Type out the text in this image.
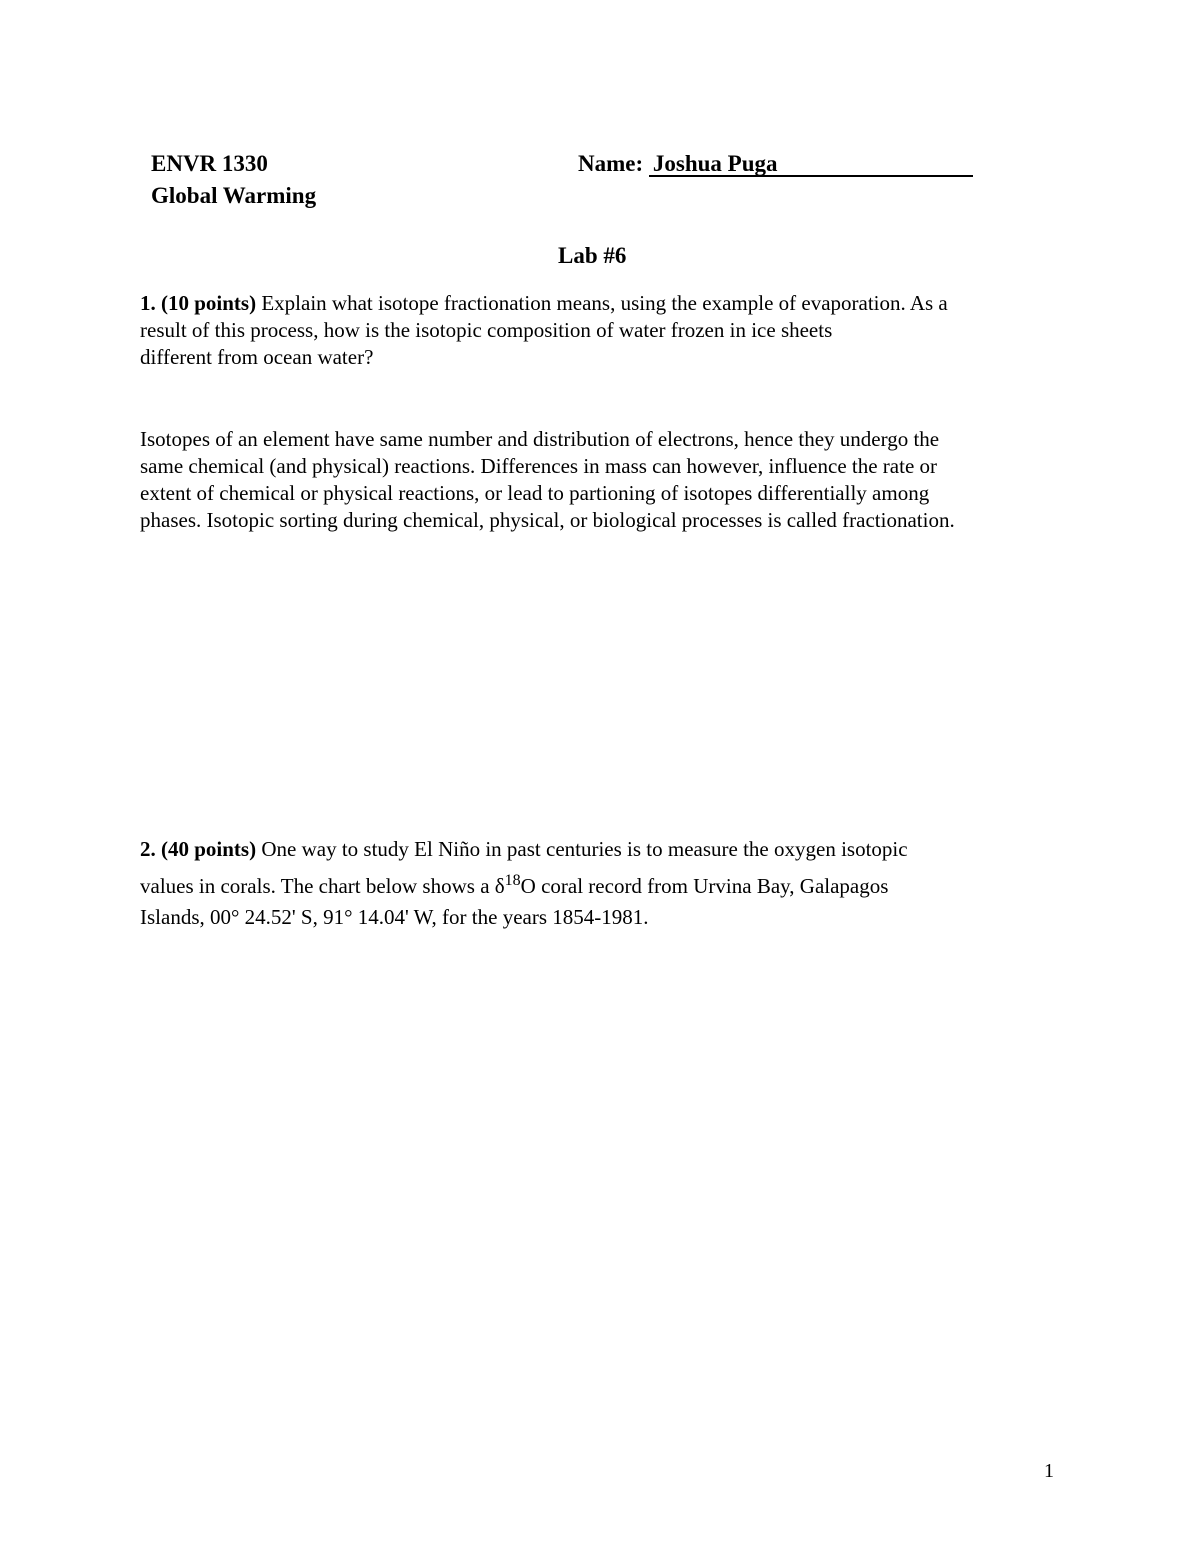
ENVR 1330
Global Warming
Name: Joshua Puga
Lab #6
1. (10 points) Explain what isotope fractionation means, using the example of evaporation. As a
result of this process, how is the isotopic composition of water frozen in ice sheets
different from ocean water?
Isotopes of an element have same number and distribution of electrons, hence they undergo the
same chemical (and physical) reactions. Differences in mass can however, influence the rate or
extent of chemical or physical reactions, or lead to partioning of isotopes differentially among
phases. Isotopic sorting during chemical, physical, or biological processes is called fractionation.
2. (40 points) One way to study El Niño in past centuries is to measure the oxygen isotopic
values in corals. The chart below shows a $\delta^{18}O$ coral record from Urvina Bay, Galapagos
Islands, 00° 24.52' S, 91° 14.04' W, for the years 1854-1981.
1
